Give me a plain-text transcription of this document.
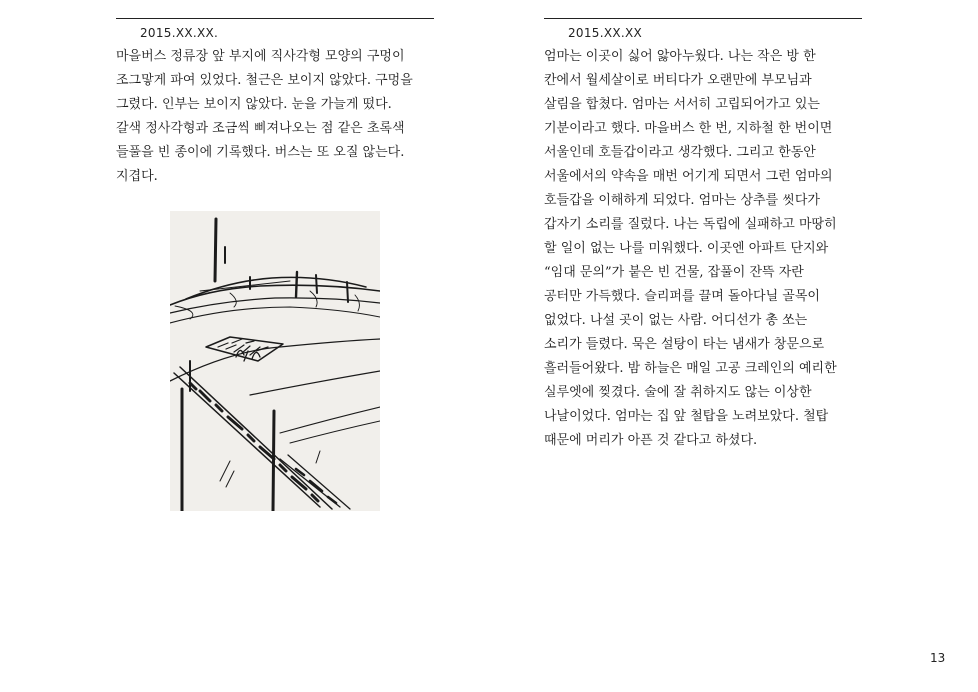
2015.XX.XX.
마을버스 정류장 앞 부지에 직사각형 모양의 구멍이
조그맣게 파여 있었다. 철근은 보이지 않았다. 구멍을
그렸다. 인부는 보이지 않았다. 눈을 가늘게 떴다.
갈색 정사각형과 조금씩 삐져나오는 점 같은 초록색
들풀을 빈 종이에 기록했다. 버스는 또 오질 않는다.
지겹다.
2015.XX.XX
엄마는 이곳이 싫어 앓아누웠다. 나는 작은 방 한
칸에서 월세살이로 버티다가 오랜만에 부모님과
살림을 합쳤다. 엄마는 서서히 고립되어가고 있는
기분이라고 했다. 마을버스 한 번, 지하철 한 번이면
서울인데 호들갑이라고 생각했다. 그리고 한동안
서울에서의 약속을 매번 어기게 되면서 그런 엄마의
호들갑을 이해하게 되었다. 엄마는 상추를 씻다가
갑자기 소리를 질렀다. 나는 독립에 실패하고 마땅히
할 일이 없는 나를 미워했다. 이곳엔 아파트 단지와
“임대 문의”가 붙은 빈 건물, 잡풀이 잔뜩 자란
공터만 가득했다. 슬리퍼를 끌며 돌아다닐 골목이
없었다. 나설 곳이 없는 사람. 어디선가 총 쏘는
소리가 들렸다. 묵은 설탕이 타는 냄새가 창문으로
흘러들어왔다. 밤 하늘은 매일 고공 크레인의 예리한
실루엣에 찢겼다. 술에 잘 취하지도 않는 이상한
나날이었다. 엄마는 집 앞 철탑을 노려보았다. 철탑
때문에 머리가 아픈 것 같다고 하셨다.
13
